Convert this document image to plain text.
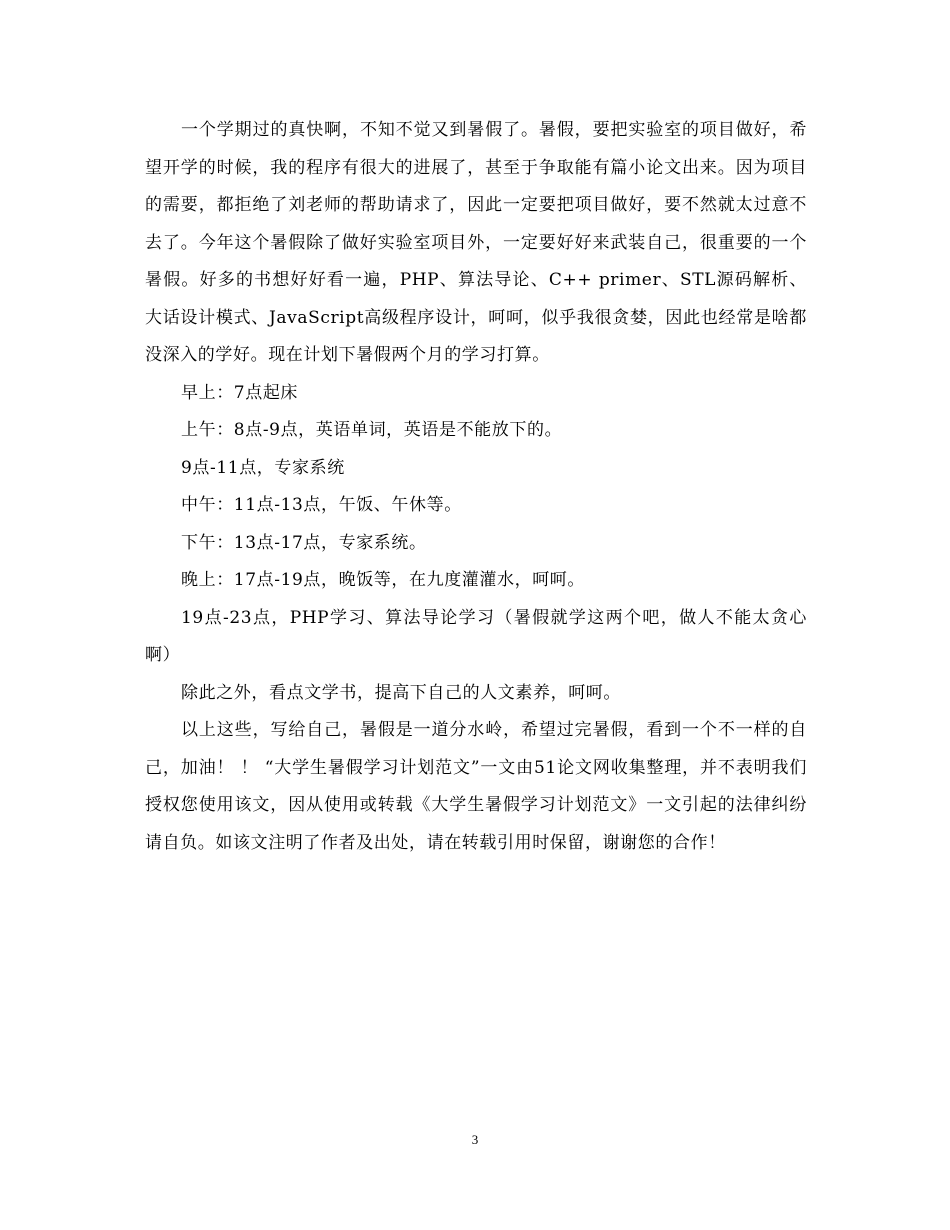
一个学期过的真快啊，不知不觉又到暑假了。暑假，要把实验室的项目做好，希望开学的时候，我的程序有很大的进展了，甚至于争取能有篇小论文出来。因为项目的需要，都拒绝了刘老师的帮助请求了，因此一定要把项目做好，要不然就太过意不去了。今年这个暑假除了做好实验室项目外，一定要好好来武装自己，很重要的一个暑假。好多的书想好好看一遍，PHP、算法导论、C++ primer、STL源码解析、大话设计模式、JavaScript高级程序设计，呵呵，似乎我很贪婪，因此也经常是啥都没深入的学好。现在计划下暑假两个月的学习打算。

早上：7点起床

上午：8点-9点，英语单词，英语是不能放下的。

9点-11点，专家系统

中午：11点-13点，午饭、午休等。

下午：13点-17点，专家系统。

晚上：17点-19点，晚饭等，在九度灌灌水，呵呵。

19点-23点，PHP学习、算法导论学习（暑假就学这两个吧，做人不能太贪心啊）

除此之外，看点文学书，提高下自己的人文素养，呵呵。

以上这些，写给自己，暑假是一道分水岭，希望过完暑假，看到一个不一样的自己，加油！ ！ “大学生暑假学习计划范文”一文由51论文网收集整理，并不表明我们授权您使用该文，因从使用或转载《大学生暑假学习计划范文》一文引起的法律纠纷请自负。如该文注明了作者及出处，请在转载引用时保留，谢谢您的合作！

3
